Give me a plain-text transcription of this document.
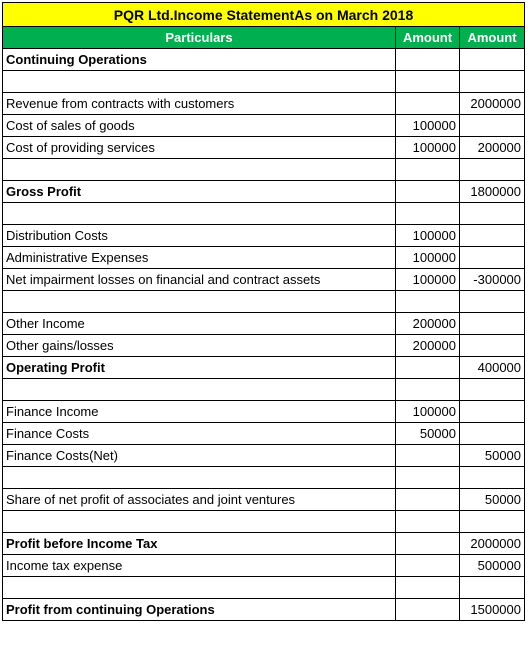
PQR Ltd.Income StatementAs on March 2018		
Particulars	Amount	Amount
Continuing Operations		

Revenue from contracts with customers		2000000
Cost of sales of goods	100000	
Cost of providing services	100000	200000

Gross Profit		1800000

Distribution Costs	100000	
Administrative Expenses	100000	
Net impairment losses on financial and contract assets	100000	-300000

Other Income	200000	
Other gains/losses	200000	
Operating Profit		400000

Finance Income	100000	
Finance Costs	50000	
Finance Costs(Net)		50000

Share of net profit of associates and joint ventures		50000

Profit before Income Tax		2000000
Income tax expense		500000

Profit from continuing Operations		1500000
